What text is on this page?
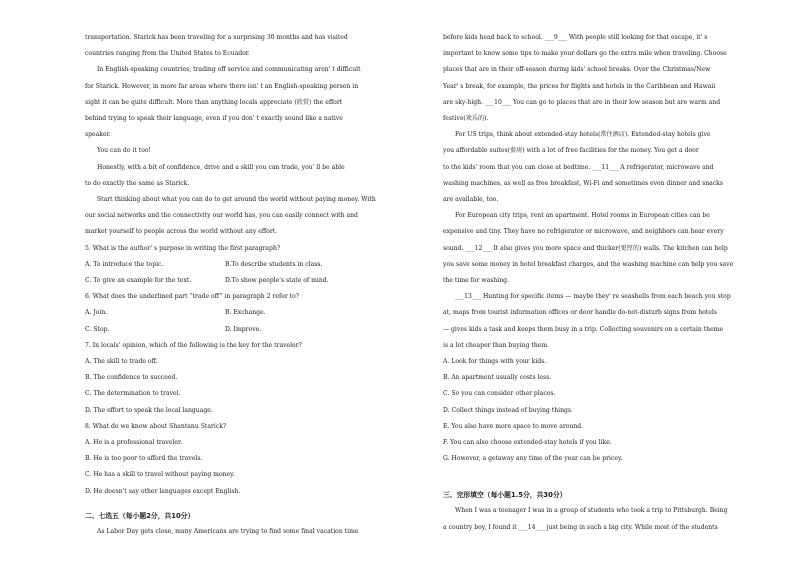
transportation. Starick has been traveling for a surprising 30 months and has visited
countries ranging from the United States to Ecuador.
In English-speaking countries, trading off service and communicating aren' t difficult
for Starick. However, in more far areas where there isn' t an English-speaking person in
sight it can be quite difficult. More than anything locals appreciate (欣赏) the effort
behind trying to speak their language, even if you don' t exactly sound like a native
speaker.
You can do it too!
Honestly, with a bit of confidence, drive and a skill you can trade, you' ll be able
to do exactly the same as Starick.
Start thinking about what you can do to get around the world without paying money. With
our social networks and the connectivity our world has, you can easily connect with and
market yourself to people across the world without any effort.
5. What is the author' s purpose in writing the first paragraph?
A. To introduce the topic.	B.To describe students in class.
C. To give an example for the text.	D.To show people's state of mind.
6. What does the underlined part “trade off” in paragraph 2 refer to?
A. Join.	B. Exchange.
C. Stop.	D. Improve.
7. In locals' opinion, which of the following is the key for the traveler?
A. The skill to trade off.
B. The confidence to succeed.
C. The determination to travel.
D. The effort to speak the local language.
8. What do we know about Shantanu Starick?
A. He is a professional traveler.
B. He is too poor to afford the travels.
C. He has a skill to travel without paying money.
D. He doesn't say other languages except English.
二、七选五（每小题2分，共10分）
As Labor Day gets close, many Americans are trying to find some final vacation time
before kids head back to school. ___9___ With people still looking for that escape, it' s
important to know some tips to make your dollars go the extra mile when traveling. Choose
places that are in their off-season during kids' school breaks. Over the Christmas/New
Year' s break, for example, the prices for flights and hotels in the Caribbean and Hawaii
are sky-high. ___10___ You can go to places that are in their low season but are warm and
festive(欢乐的).
For US trips, think about extended-stay hotels(常住酒店). Extended-stay hotels give
you affordable suites(套房) with a lot of free facilities for the money. You get a door
to the kids' room that you can close at bedtime. ___11___ A refrigerator, microwave and
washing machines, as well as free breakfast, Wi-Fi and sometimes even dinner and snacks
are available, too.
For European city trips, rent an apartment. Hotel rooms in European cities can be
expensive and tiny. They have no refrigerator or microwave, and neighbors can hear every
sound. ___12___ It also gives you more space and thicker(更厚的) walls. The kitchen can help
you save some money in hotel breakfast charges, and the washing machine can help you save
the time for washing.
___13___ Hunting for specific items — maybe they' re seashells from each beach you stop
at, maps from tourist information offices or door handle do-not-disturb signs from hotels
— gives kids a task and keeps them busy in a trip. Collecting souvenirs on a certain theme
is a lot cheaper than buying them.
A. Look for things with your kids.
B. An apartment usually costs less.
C. So you can consider other places.
D. Collect things instead of buying things.
E. You also have more space to move around.
F. You can also choose extended-stay hotels if you like.
G. However, a getaway any time of the year can be pricey.
三、完形填空（每小题1.5分，共30分）
When I was a teenager I was in a group of students who took a trip to Pittsburgh. Being
a country boy, I found it ___14___ just being in such a big city. While most of the students
